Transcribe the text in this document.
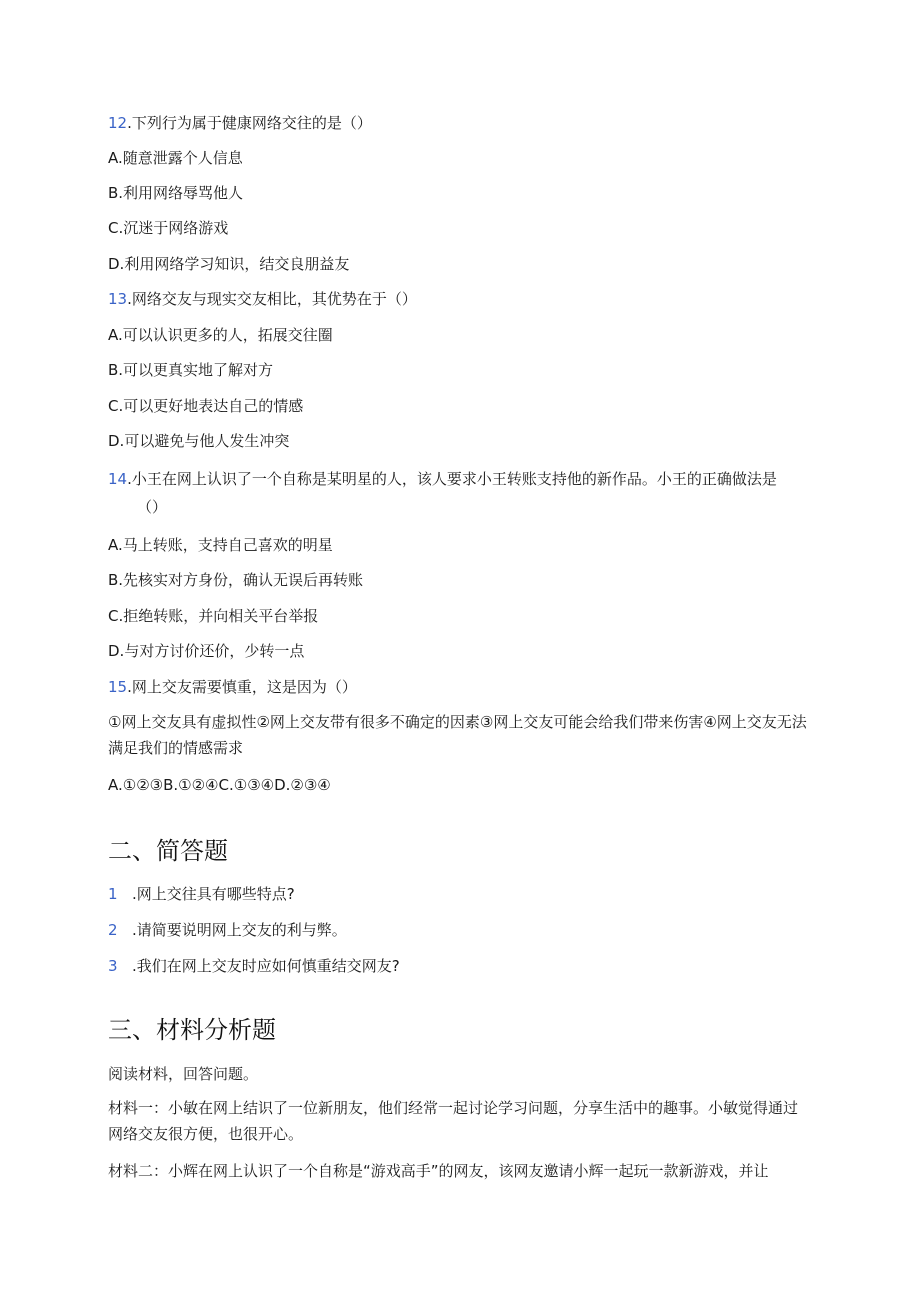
12.下列行为属于健康网络交往的是（）
A.随意泄露个人信息
B.利用网络辱骂他人
C.沉迷于网络游戏
D.利用网络学习知识，结交良朋益友
13.网络交友与现实交友相比，其优势在于（）
A.可以认识更多的人，拓展交往圈
B.可以更真实地了解对方
C.可以更好地表达自己的情感
D.可以避免与他人发生冲突
14.小王在网上认识了一个自称是某明星的人，该人要求小王转账支持他的新作品。小王的正确做法是
（）
A.马上转账，支持自己喜欢的明星
B.先核实对方身份，确认无误后再转账
C.拒绝转账，并向相关平台举报
D.与对方讨价还价，少转一点
15.网上交友需要慎重，这是因为（）
①网上交友具有虚拟性②网上交友带有很多不确定的因素③网上交友可能会给我们带来伤害④网上交友无法满足我们的情感需求
A.①②③B.①②④C.①③④D.②③④
二、简答题
1 .网上交往具有哪些特点?
2 .请简要说明网上交友的利与弊。
3 .我们在网上交友时应如何慎重结交网友?
三、材料分析题
阅读材料，回答问题。
材料一：小敏在网上结识了一位新朋友，他们经常一起讨论学习问题，分享生活中的趣事。小敏觉得通过网络交友很方便，也很开心。
材料二：小辉在网上认识了一个自称是“游戏高手”的网友，该网友邀请小辉一起玩一款新游戏，并让
